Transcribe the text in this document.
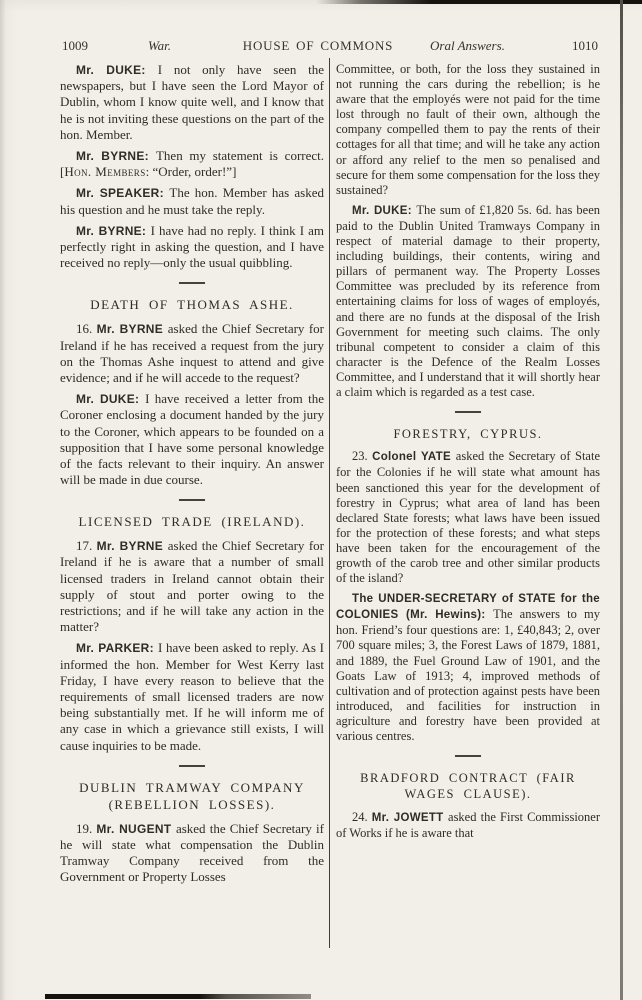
1009	War.	HOUSE OF COMMONS	Oral Answers.	1010

Mr. DUKE: I not only have seen the newspapers, but I have seen the Lord Mayor of Dublin, whom I know quite well, and I know that he is not inviting these questions on the part of the hon. Member.

Mr. BYRNE: Then my statement is correct. [Hon. Members: “Order, order!”]

Mr. SPEAKER: The hon. Member has asked his question and he must take the reply.

Mr. BYRNE: I have had no reply. I think I am perfectly right in asking the question, and I have received no reply—only the usual quibbling.

DEATH OF THOMAS ASHE.

16. Mr. BYRNE asked the Chief Secretary for Ireland if he has received a request from the jury on the Thomas Ashe inquest to attend and give evidence; and if he will accede to the request?

Mr. DUKE: I have received a letter from the Coroner enclosing a document handed by the jury to the Coroner, which appears to be founded on a supposition that I have some personal knowledge of the facts relevant to their inquiry. An answer will be made in due course.

LICENSED TRADE (IRELAND).

17. Mr. BYRNE asked the Chief Secretary for Ireland if he is aware that a number of small licensed traders in Ireland cannot obtain their supply of stout and porter owing to the restrictions; and if he will take any action in the matter?

Mr. PARKER: I have been asked to reply. As I informed the hon. Member for West Kerry last Friday, I have every reason to believe that the requirements of small licensed traders are now being substantially met. If he will inform me of any case in which a grievance still exists, I will cause inquiries to be made.

DUBLIN TRAMWAY COMPANY (REBELLION LOSSES).

19. Mr. NUGENT asked the Chief Secretary if he will state what compensation the Dublin Tramway Company received from the Government or Property Losses

Committee, or both, for the loss they sustained in not running the cars during the rebellion; is he aware that the employés were not paid for the time lost through no fault of their own, although the company compelled them to pay the rents of their cottages for all that time; and will he take any action or afford any relief to the men so penalised and secure for them some compensation for the loss they sustained?

Mr. DUKE: The sum of £1,820 5s. 6d. has been paid to the Dublin United Tramways Company in respect of material damage to their property, including buildings, their contents, wiring and pillars of permanent way. The Property Losses Committee was precluded by its reference from entertaining claims for loss of wages of employés, and there are no funds at the disposal of the Irish Government for meeting such claims. The only tribunal competent to consider a claim of this character is the Defence of the Realm Losses Committee, and I understand that it will shortly hear a claim which is regarded as a test case.

FORESTRY, CYPRUS.

23. Colonel YATE asked the Secretary of State for the Colonies if he will state what amount has been sanctioned this year for the development of forestry in Cyprus; what area of land has been declared State forests; what laws have been issued for the protection of these forests; and what steps have been taken for the encouragement of the growth of the carob tree and other similar products of the island?

The UNDER-SECRETARY of STATE for the COLONIES (Mr. Hewins): The answers to my hon. Friend’s four questions are: 1, £40,843; 2, over 700 square miles; 3, the Forest Laws of 1879, 1881, and 1889, the Fuel Ground Law of 1901, and the Goats Law of 1913; 4, improved methods of cultivation and of protection against pests have been introduced, and facilities for instruction in agriculture and forestry have been provided at various centres.

BRADFORD CONTRACT (FAIR WAGES CLAUSE).

24. Mr. JOWETT asked the First Commissioner of Works if he is aware that
